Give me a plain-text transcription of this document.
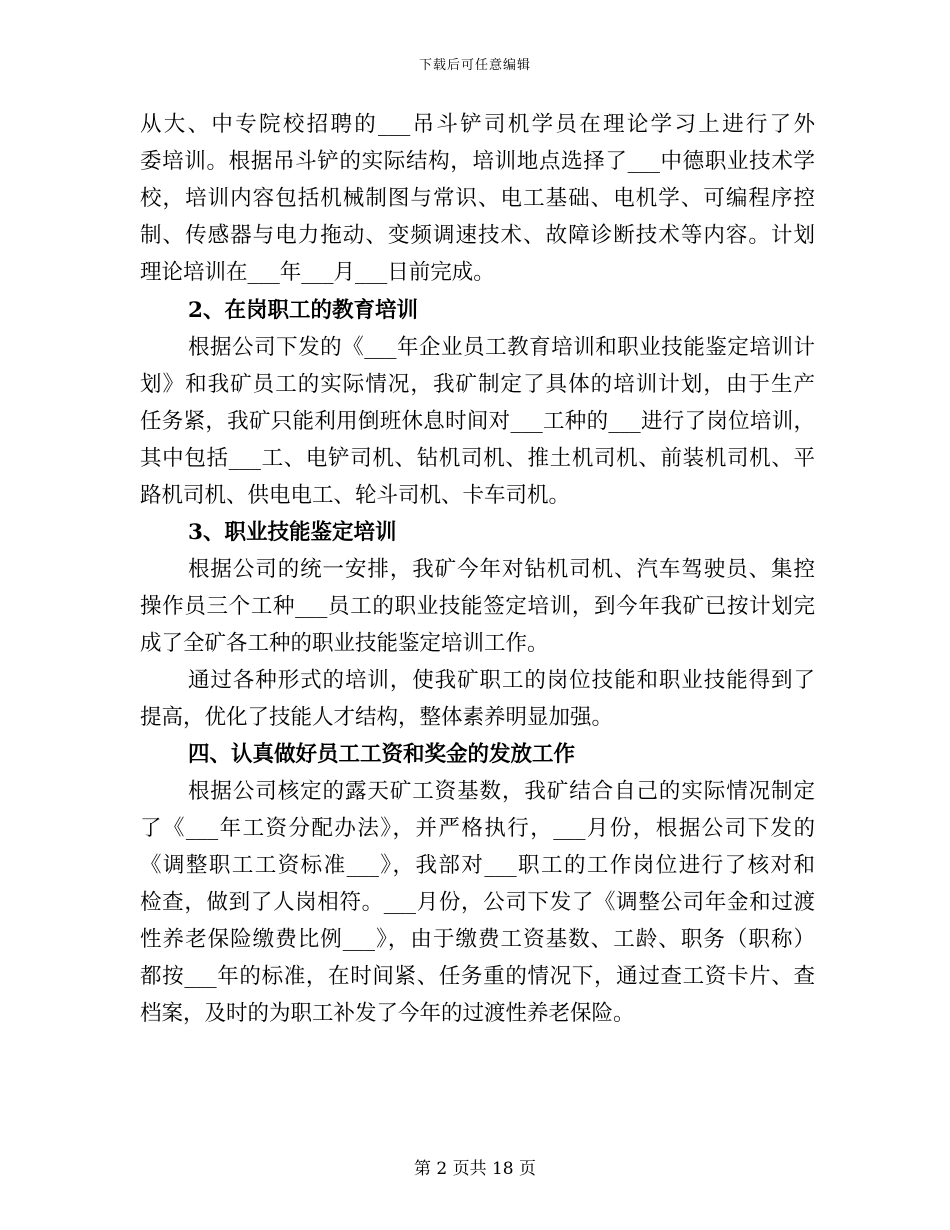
下载后可任意编辑
从大、中专院校招聘的___吊斗铲司机学员在理论学习上进行了外
委培训。根据吊斗铲的实际结构，培训地点选择了___中德职业技术学
校，培训内容包括机械制图与常识、电工基础、电机学、可编程序控
制、传感器与电力拖动、变频调速技术、故障诊断技术等内容。计划
理论培训在___年___月___日前完成。
2、在岗职工的教育培训
根据公司下发的《___年企业员工教育培训和职业技能鉴定培训计
划》和我矿员工的实际情况，我矿制定了具体的培训计划，由于生产
任务紧，我矿只能利用倒班休息时间对___工种的___进行了岗位培训，
其中包括___工、电铲司机、钻机司机、推土机司机、前装机司机、平
路机司机、供电电工、轮斗司机、卡车司机。
3、职业技能鉴定培训
根据公司的统一安排，我矿今年对钻机司机、汽车驾驶员、集控
操作员三个工种___员工的职业技能签定培训，到今年我矿已按计划完
成了全矿各工种的职业技能鉴定培训工作。
通过各种形式的培训，使我矿职工的岗位技能和职业技能得到了
提高，优化了技能人才结构，整体素养明显加强。
四、认真做好员工工资和奖金的发放工作
根据公司核定的露天矿工资基数，我矿结合自己的实际情况制定
了《___年工资分配办法》，并严格执行，___月份，根据公司下发的
《调整职工工资标准___》，我部对___职工的工作岗位进行了核对和
检查，做到了人岗相符。___月份，公司下发了《调整公司年金和过渡
性养老保险缴费比例___》，由于缴费工资基数、工龄、职务（职称）
都按___年的标准，在时间紧、任务重的情况下，通过查工资卡片、查
档案，及时的为职工补发了今年的过渡性养老保险。
第 2 页共 18 页
